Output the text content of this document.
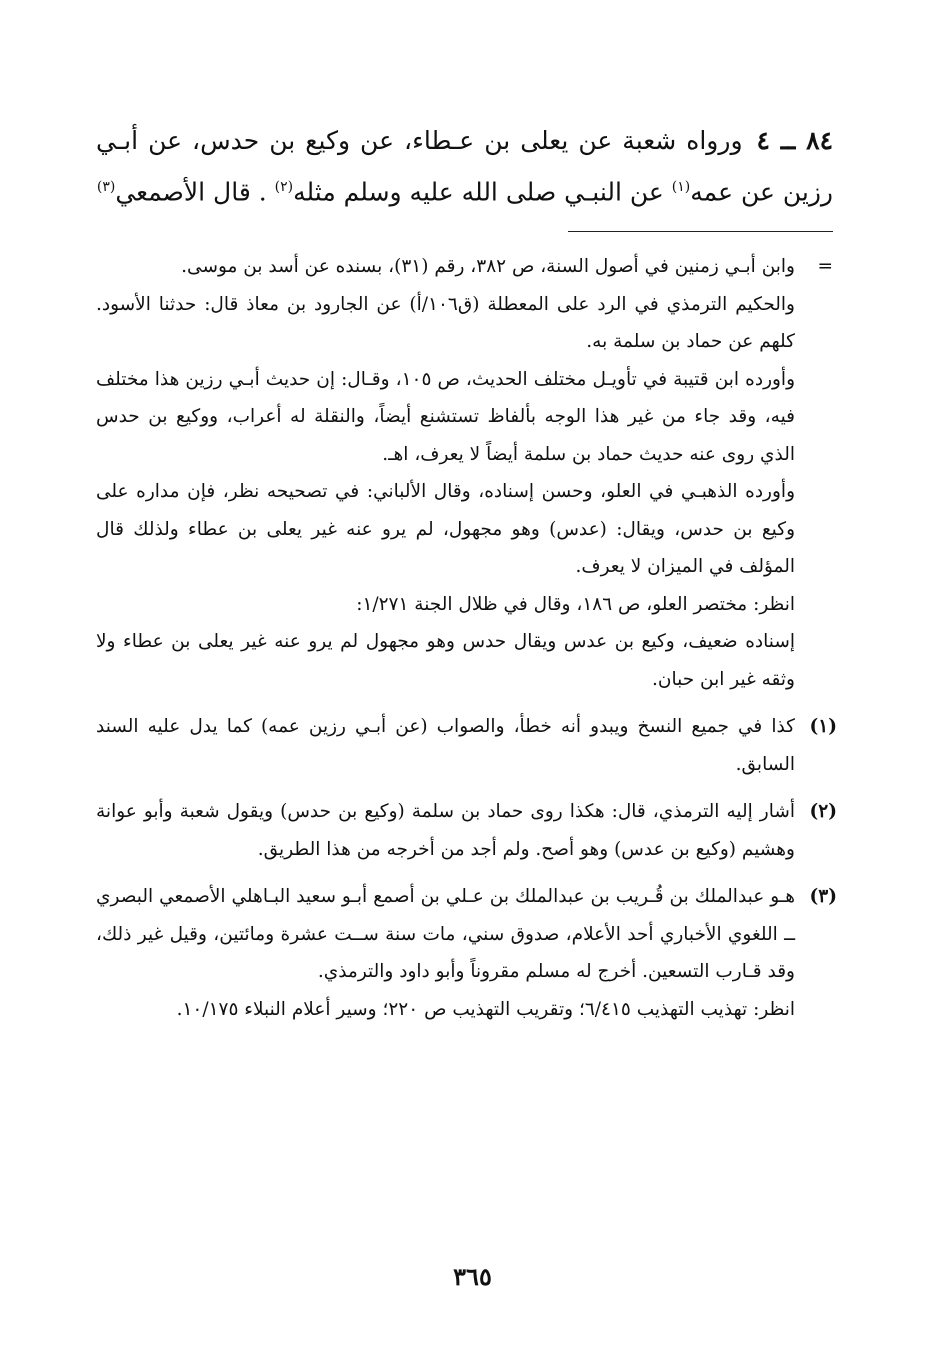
٨٤ ــ ٤ورواه شعبة عن يعلى بن عـطاء، عن وكيع بن حدس، عن أبـي رزين عن عمه$^{(١)}$ عن النبـي صلى الله عليه وسلم مثله$^{(٢)}$ . قال الأصمعي$^{(٣)}$

=

وابن أبـي زمنين في أصول السنة، ص ٣٨٢، رقم (٣١)، بسنده عن أسد بن موسى.

والحكيم الترمذي في الرد على المعطلة (ق١٠٦/أ) عن الجارود بن معاذ قال: حدثنا الأسود. كلهم عن حماد بن سلمة به.

وأورده ابن قتيبة في تأويـل مختلف الحديث، ص ١٠٥، وقـال: إن حديث أبـي رزين هذا مختلف فيه، وقد جاء من غير هذا الوجه بألفاظ تستشنع أيضاً، والنقلة له أعراب، ووكيع بن حدس الذي روى عنه حديث حماد بن سلمة أيضاً لا يعرف، اهـ.

وأورده الذهبـي في العلو، وحسن إسناده، وقال الألباني: في تصحيحه نظر، فإن مداره على وكيع بن حدس، ويقال: (عدس) وهو مجهول، لم يرو عنه غير يعلى بن عطاء ولذلك قال المؤلف في الميزان لا يعرف.

انظر: مختصر العلو، ص ١٨٦، وقال في ظلال الجنة ١/٢٧١:

إسناده ضعيف، وكيع بن عدس ويقال حدس وهو مجهول لم يرو عنه غير يعلى بن عطاء ولا وثقه غير ابن حبان.

(١)

كذا في جميع النسخ ويبدو أنه خطأ، والصواب (عن أبـي رزين عمه) كما يدل عليه السند السابق.

(٢)

أشار إليه الترمذي، قال: هكذا روى حماد بن سلمة (وكيع بن حدس) ويقول شعبة وأبو عوانة وهشيم (وكيع بن عدس) وهو أصح. ولم أجد من أخرجه من هذا الطريق.

(٣)

هـو عبدالملك بن قُـريب بن عبدالملك بن عـلي بن أصمع أبـو سعيد البـاهلي الأصمعي البصري ــ اللغوي الأخباري أحد الأعلام، صدوق سني، مات سنة ســت عشرة ومائتين، وقيل غير ذلك، وقد قـارب التسعين. أخرج له مسلم مقروناً وأبو داود والترمذي.

انظر: تهذيب التهذيب ٦/٤١٥؛ وتقريب التهذيب ص ٢٢٠؛ وسير أعلام النبلاء ١٠/١٧٥.

٣٦٥
